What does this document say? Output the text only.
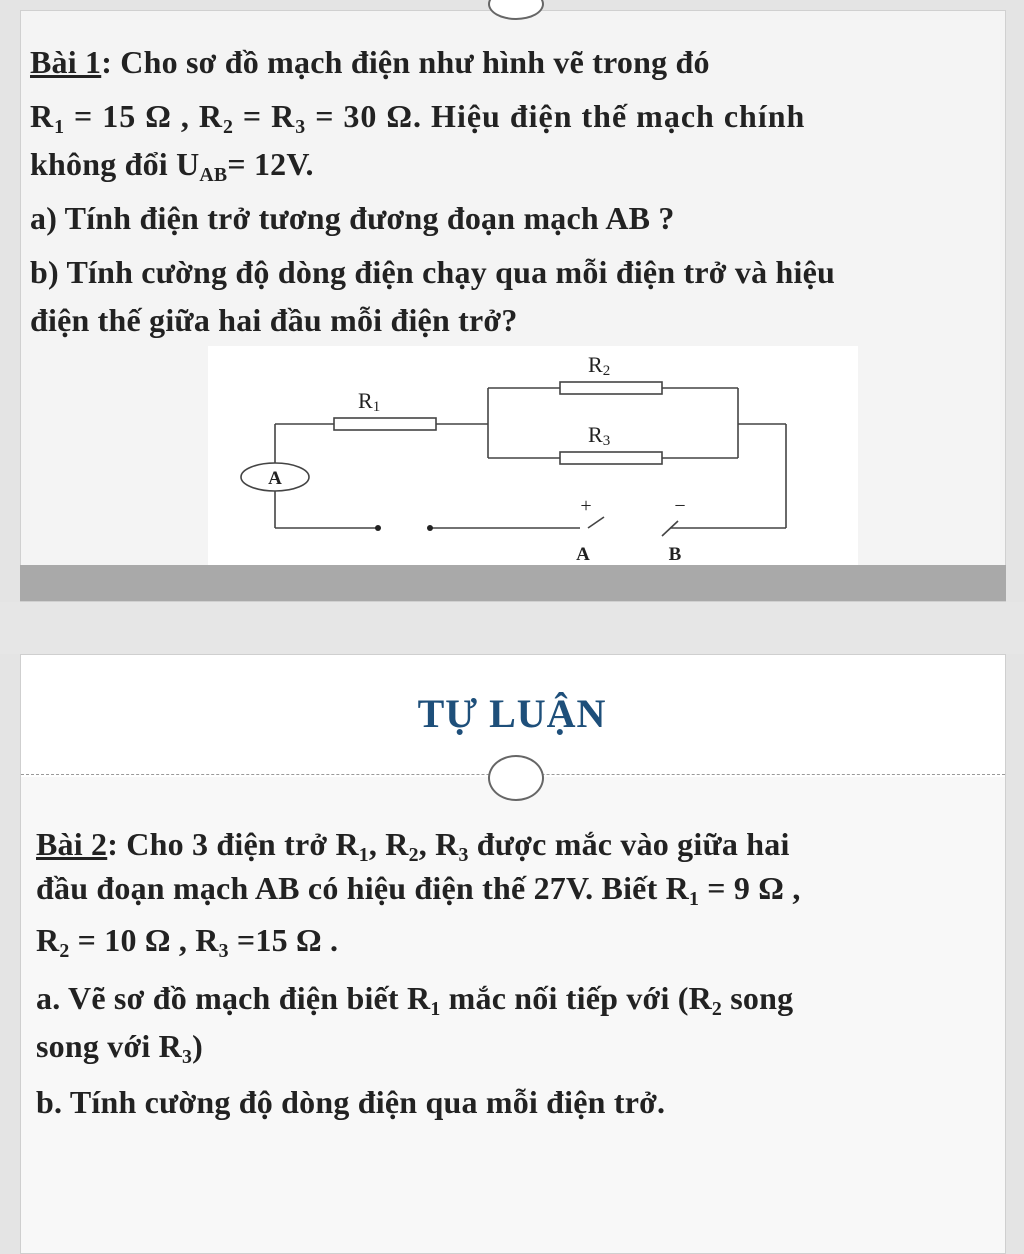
Bài 1: Cho sơ đồ mạch điện như hình vẽ trong đó
$R_1 = 15$ Ω , $R_2 = R_3 = 30$ Ω. Hiệu điện thế mạch chính
không đổi $U_{AB}= 12V$.
a) Tính điện trở tương đương đoạn mạch AB ?
b) Tính cường độ dòng điện chạy qua mỗi điện trở và hiệu
điện thế giữa hai đầu mỗi điện trở?
A
R1
R2
R3
+	−
A	B
TỰ LUẬN
Bài 2: Cho 3 điện trở $R_1$, $R_2$, $R_3$ được mắc vào giữa hai
đầu đoạn mạch AB có hiệu điện thế 27V. Biết $R_1 = 9$ Ω ,
$R_2 = 10$ Ω , $R_3 =15$ Ω .
a. Vẽ sơ đồ mạch điện biết $R_1$ mắc nối tiếp với ($R_2$ song
song với $R_3$)
b. Tính cường độ dòng điện qua mỗi điện trở.
